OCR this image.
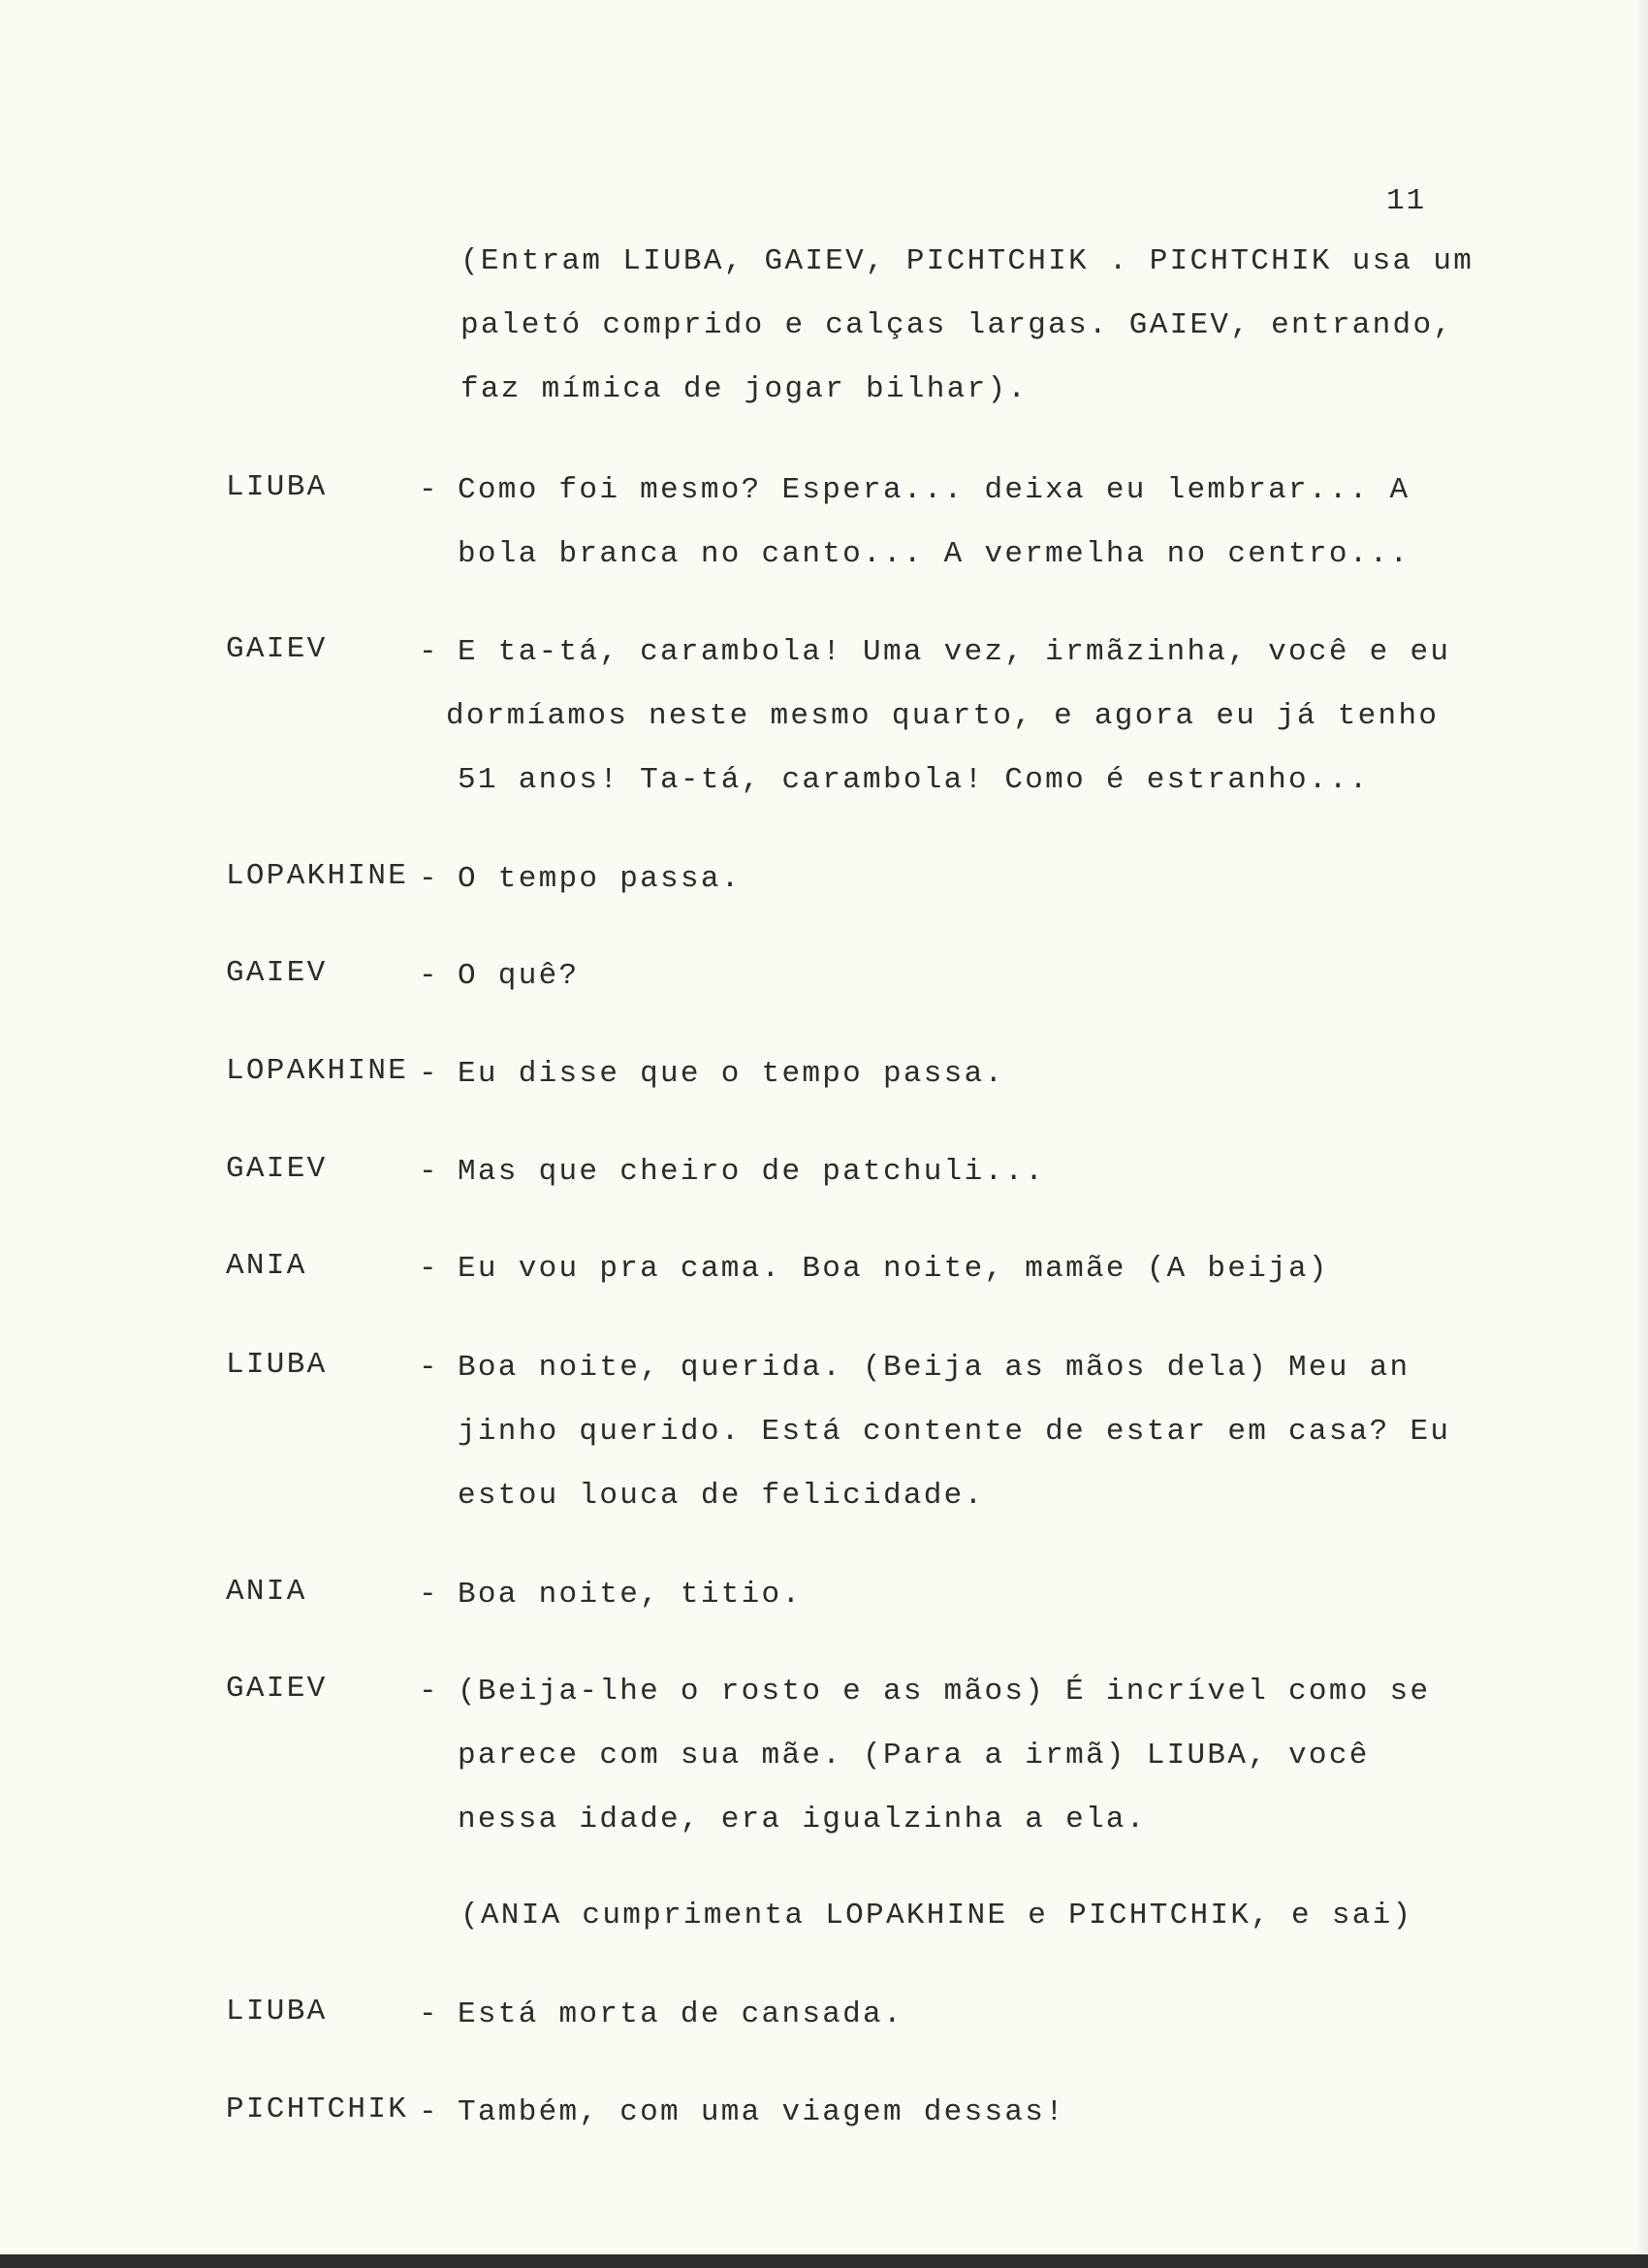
11
(Entram LIUBA, GAIEV, PICHTCHIK . PICHTCHIK usa um
paletó comprido e calças largas. GAIEV, entrando,
faz mímica de jogar bilhar).
LIUBA	- Como foi mesmo? Espera... deixa eu lembrar... A
bola branca no canto... A vermelha no centro...
GAIEV	- E ta-tá, carambola! Uma vez, irmãzinha, você e eu
dormíamos neste mesmo quarto, e agora eu já tenho
51 anos! Ta-tá, carambola! Como é estranho...
LOPAKHINE - O tempo passa.
GAIEV	- O quê?
LOPAKHINE - Eu disse que o tempo passa.
GAIEV	- Mas que cheiro de patchuli...
ANIA	- Eu vou pra cama. Boa noite, mamãe (A beija)
LIUBA	- Boa noite, querida. (Beija as mãos dela) Meu an
jinho querido. Está contente de estar em casa? Eu
estou louca de felicidade.
ANIA	- Boa noite, titio.
GAIEV	- (Beija-lhe o rosto e as mãos) É incrível como se
parece com sua mãe. (Para a irmã) LIUBA, você
nessa idade, era igualzinha a ela.
(ANIA cumprimenta LOPAKHINE e PICHTCHIK, e sai)
LIUBA	- Está morta de cansada.
PICHTCHIK - Também, com uma viagem dessas!
